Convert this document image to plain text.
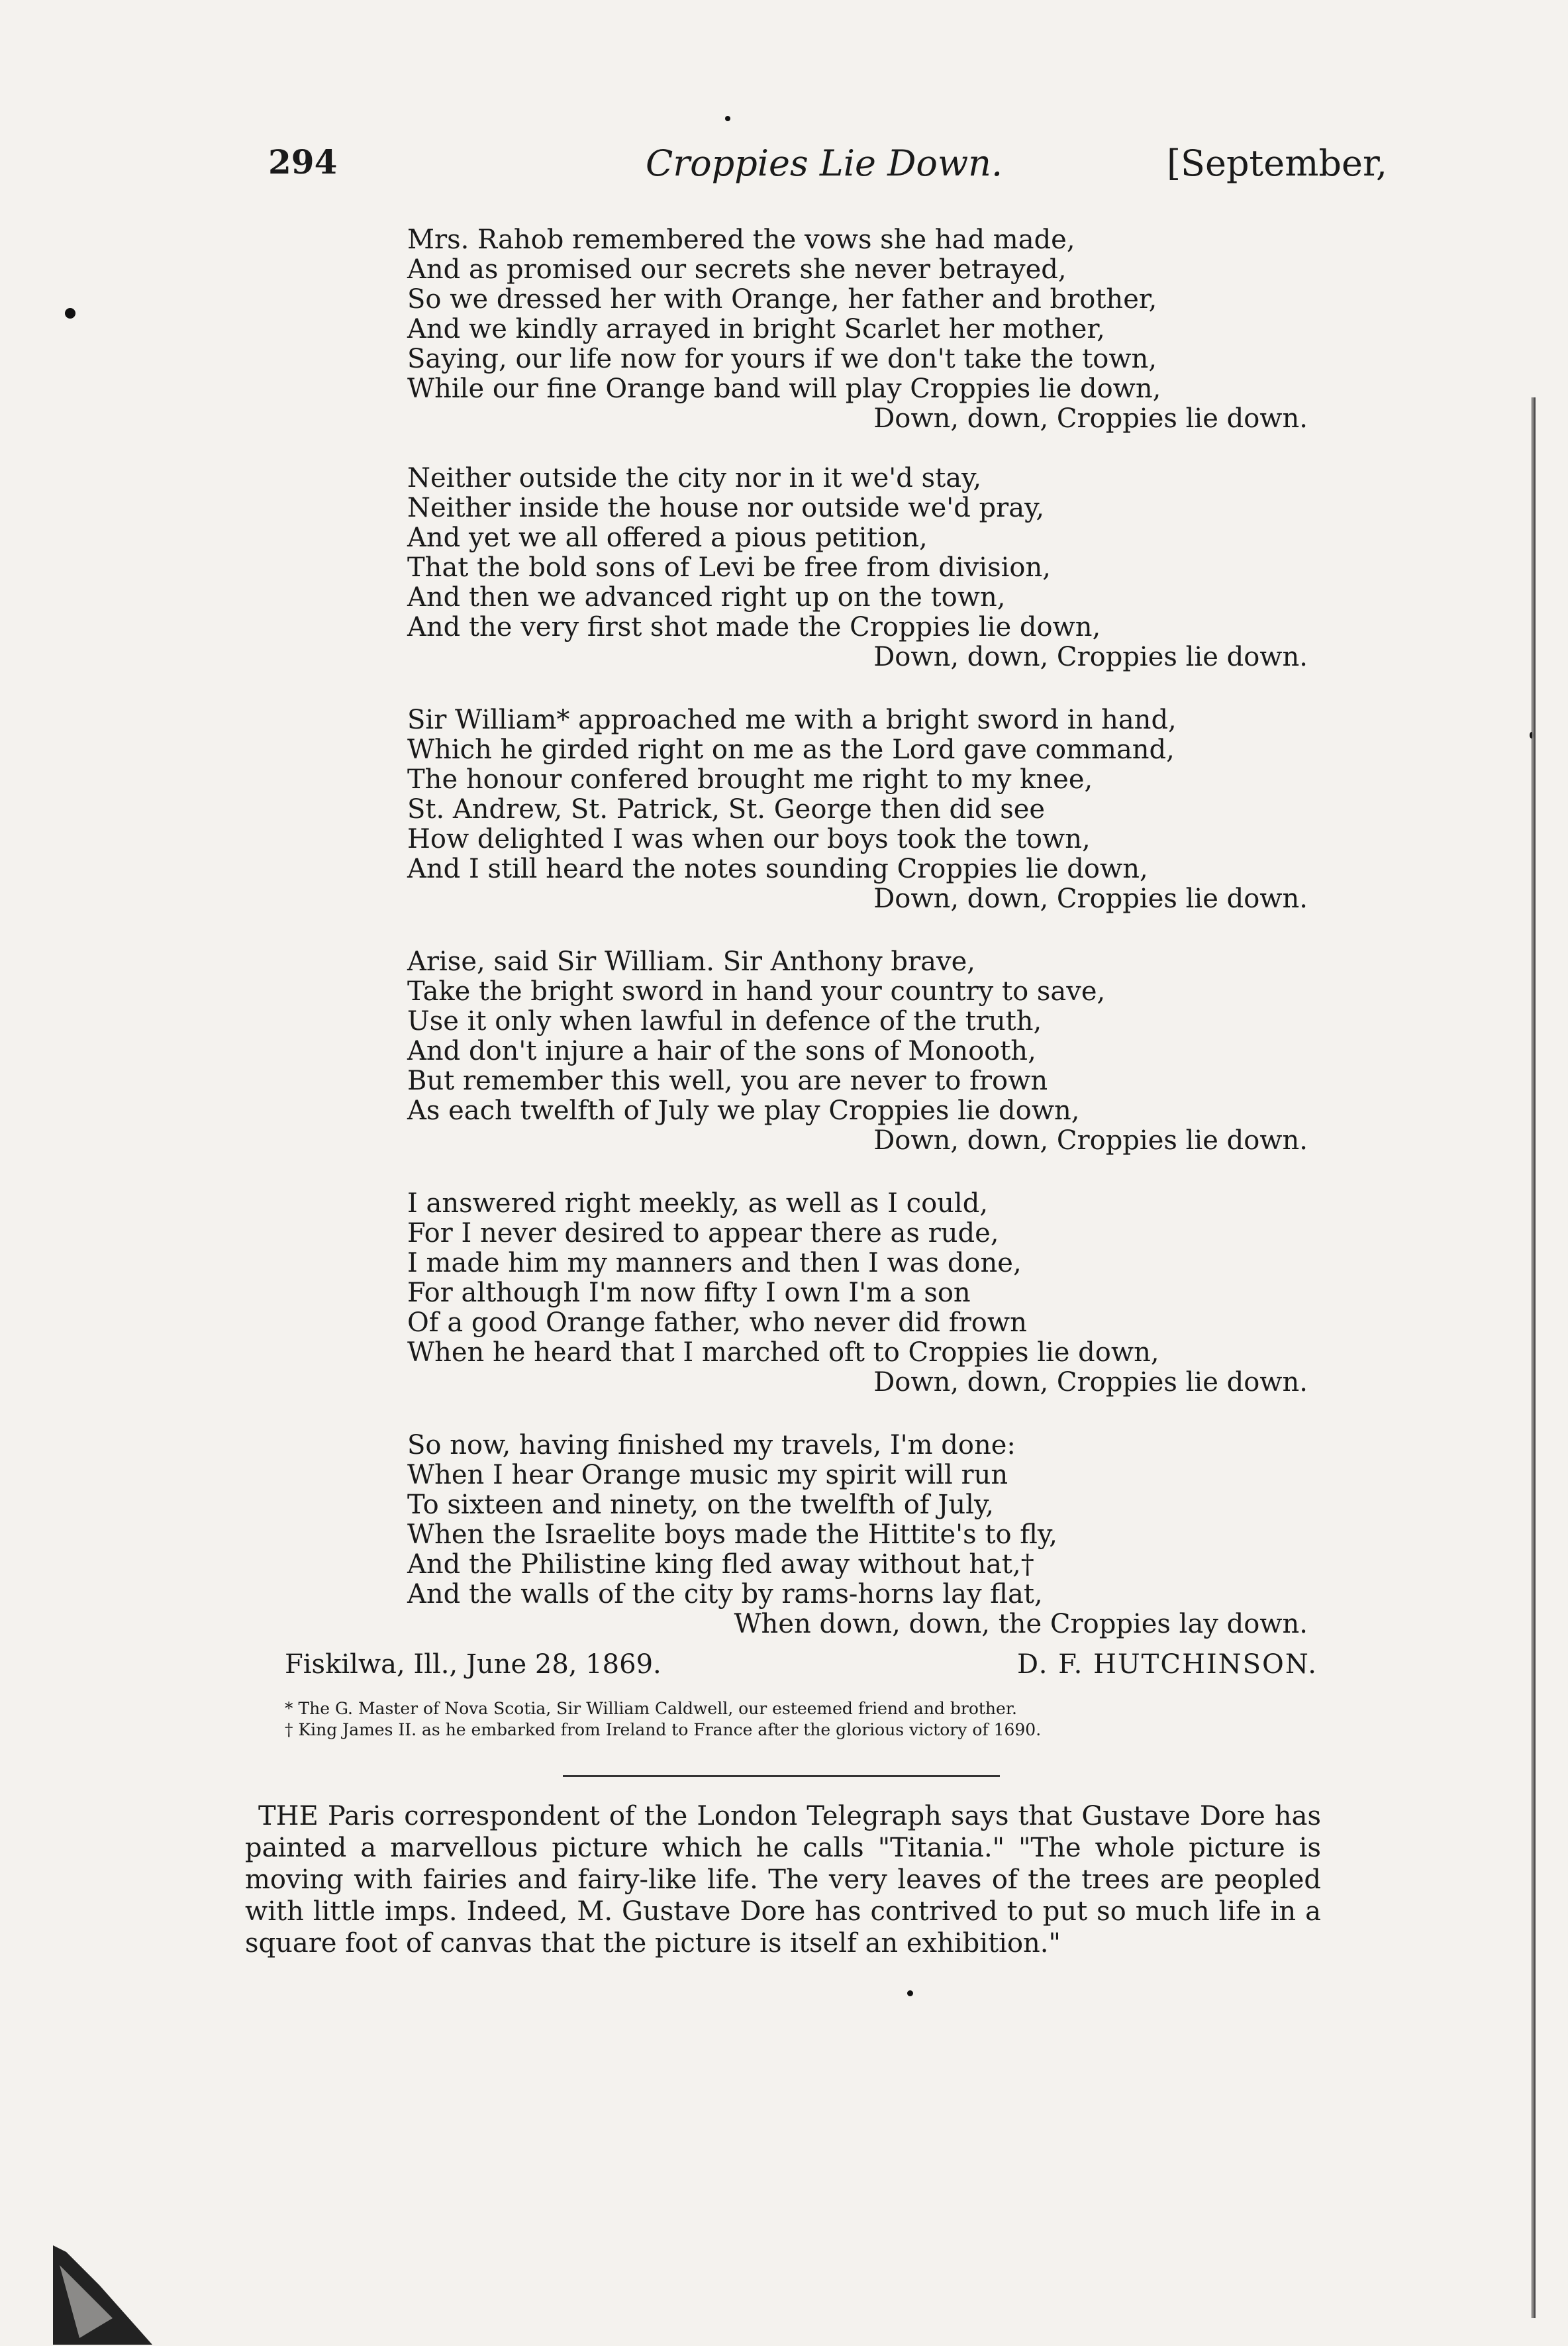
294	Croppies Lie Down.	[September,
Mrs. Rahob remembered the vows she had made,
And as promised our secrets she never betrayed,
So we dressed her with Orange, her father and brother,
And we kindly arrayed in bright Scarlet her mother,
Saying, our life now for yours if we don't take the town,
While our fine Orange band will play Croppies lie down,
Down, down, Croppies lie down.
Neither outside the city nor in it we'd stay,
Neither inside the house nor outside we'd pray,
And yet we all offered a pious petition,
That the bold sons of Levi be free from division,
And then we advanced right up on the town,
And the very first shot made the Croppies lie down,
Down, down, Croppies lie down.
Sir William* approached me with a bright sword in hand,
Which he girded right on me as the Lord gave command,
The honour confered brought me right to my knee,
St. Andrew, St. Patrick, St. George then did see
How delighted I was when our boys took the town,
And I still heard the notes sounding Croppies lie down,
Down, down, Croppies lie down.
Arise, said Sir William. Sir Anthony brave,
Take the bright sword in hand your country to save,
Use it only when lawful in defence of the truth,
And don't injure a hair of the sons of Monooth,
But remember this well, you are never to frown
As each twelfth of July we play Croppies lie down,
Down, down, Croppies lie down.
I answered right meekly, as well as I could,
For I never desired to appear there as rude,
I made him my manners and then I was done,
For although I'm now fifty I own I'm a son
Of a good Orange father, who never did frown
When he heard that I marched oft to Croppies lie down,
Down, down, Croppies lie down.
So now, having finished my travels, I'm done:
When I hear Orange music my spirit will run
To sixteen and ninety, on the twelfth of July,
When the Israelite boys made the Hittite's to fly,
And the Philistine king fled away without hat,†
And the walls of the city by rams-horns lay flat,
When down, down, the Croppies lay down.
Fiskilwa, Ill., June 28, 1869.	D. F. HUTCHINSON.
* The G. Master of Nova Scotia, Sir William Caldwell, our esteemed friend and brother.
† King James II. as he embarked from Ireland to France after the glorious victory of 1690.

THE Paris correspondent of the London Telegraph says that Gustave Dore has painted a marvellous picture which he calls "Titania." "The whole picture is moving with fairies and fairy-like life. The very leaves of the trees are peopled with little imps. Indeed, M. Gustave Dore has contrived to put so much life in a square foot of canvas that the picture is itself an exhibition."
